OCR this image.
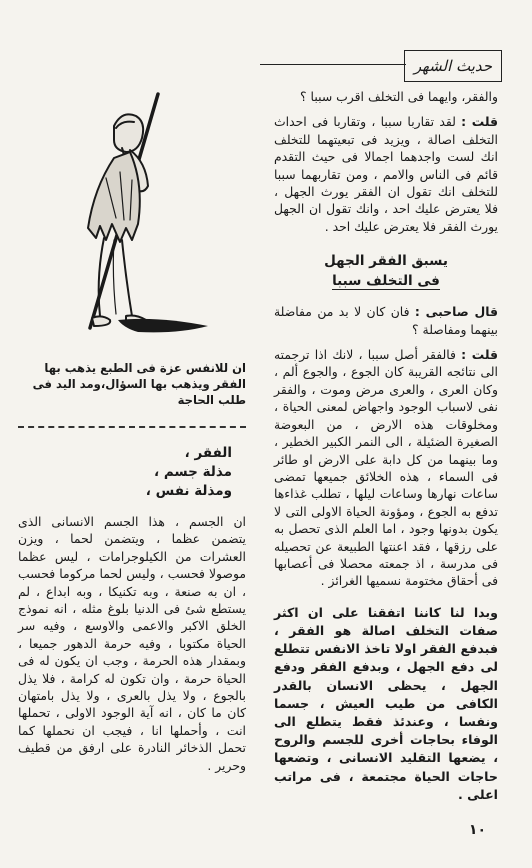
حديث الشهر

والفقر، وايهما فى التخلف اقرب سببا ؟

قلت : لقد تقاربا سببا ، وتقاربا فى احداث التخلف اصالة ، ويزيد فى تبعيتهما للتخلف انك لست واجدهما اجمالا فى حيث التقدم قائم فى الناس والامم ، ومن تقاربهما سببا للتخلف انك تقول ان الفقر يورث الجهل ، فلا يعترض عليك احد ، وانك تقول ان الجهل يورث الفقر فلا يعترض عليك احد .

يسبق الفقر الجهل
فى التخلف سببا

قال صاحبى : فان كان لا بد من مفاضلة بينهما ومفاصلة ؟

قلت : فالفقر أصل سببا ، لانك اذا ترجمته الى نتائجه القريبة كان الجوع ، والجوع ألم ، وكان العرى ، والعرى مرض وموت ، والفقر نفى لاسباب الوجود واجهاض لمعنى الحياة ، ومخلوقات هذه الارض ، من البعوضة الصغيرة الضئيلة ، الى النمر الكبير الخطير ، وما بينهما من كل دابة على الارض او طائر فى السماء ، هذه الخلائق جميعها تمضى ساعات نهارها وساعات ليلها ، تطلب غذاءها تدفع به الجوع ، ومؤونة الحياة الاولى التى لا يكون بدونها وجود ، اما العلم الذى تحصل به على رزقها ، فقد اعنتها الطبيعة عن تحصيله فى مدرسة ، اذ جمعته محصلا فى أعصابها فى أحقاق مختومة نسميها الغرائز .

وبدا لنا كاننا اتفقنا على ان اكثر صفات التخلف اصالة هو الفقر ، فبدفع الفقر اولا تاخذ الانفس تتطلع لى دفع الجهل ، وبدفع الفقر ودفع الجهل ، يحظى الانسان بالقدر الكافى من طيب العيش ، جسما ونفسا ، وعندئذ فقط يتطلع الى الوفاء بحاجات أخرى للجسم والروح ، يضعها التقليد الانسانى ، وتضعها حاجات الحياة مجتمعة ، فى مراتب اعلى .

١٠

ان للانفس عزة فى الطبع يذهب بها الفقر ويذهب بها السؤال،ومد اليد فى طلب الحاجة

الفقر ،
مذلة جسم ،
ومذلة نفس ،

ان الجسم ، هذا الجسم الانسانى الذى يتضمن عظما ، ويتضمن لحما ، ويزن العشرات من الكيلوجرامات ، ليس عظما موصولا فحسب ، وليس لحما مركوما فحسب ، ان به صنعة ، وبه تكنيكا ، وبه ابداع ، لم يستطع شئ فى الدنيا بلوغ مثله ، انه نموذج الخلق الاكبر والاعمى والاوسع ، وفيه سر الحياة مكتوبا ، وفيه حرمة الدهور جميعا ، وبمقدار هذه الحرمة ، وجب ان يكون له فى الحياة حرمة ، وان تكون له كرامة ، فلا يذل بالجوع ، ولا يذل بالعرى ، ولا يذل بامتهان كان ما كان ، انه آية الوجود الاولى ، تحملها انت ، وأحملها انا ، فيجب ان نحملها كما تحمل الذخائر النادرة على ارفق من قطيف وحرير .
